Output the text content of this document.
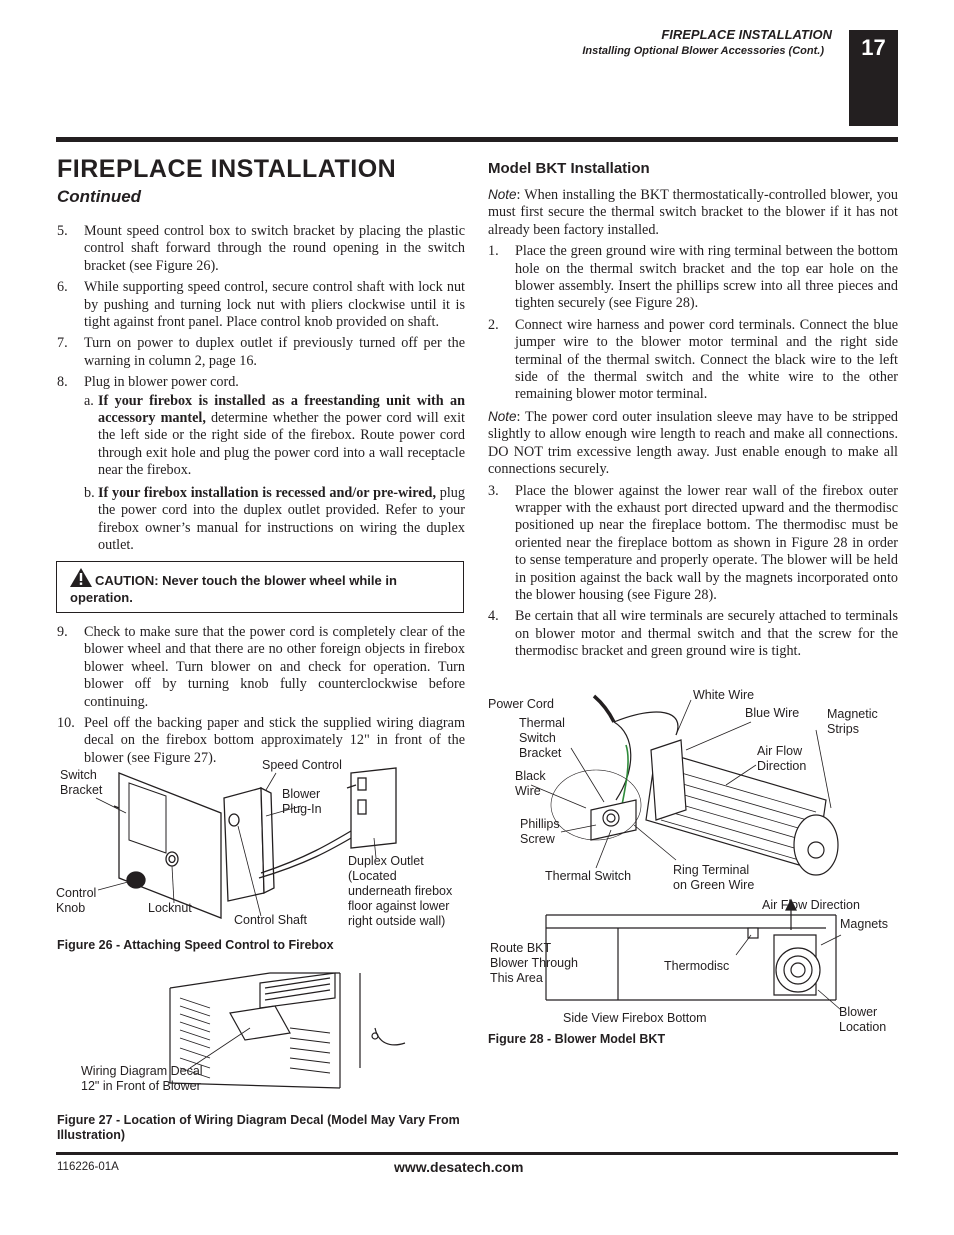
FIREPLACE INSTALLATION
Installing Optional Blower Accessories (Cont.)	17
FIREPLACE INSTALLATION
Continued
5. Mount speed control box to switch bracket by placing the plastic control shaft forward through the round opening in the switch bracket (see Figure 26).
6. While supporting speed control, secure control shaft with lock nut by pushing and turning lock nut with pliers clockwise until it is tight against front panel. Place control knob provided on shaft.
7. Turn on power to duplex outlet if previously turned off per the warning in column 2, page 16.
8. Plug in blower power cord.
a. If your firebox is installed as a freestanding unit with an accessory mantel, determine whether the power cord will exit the left side or the right side of the firebox. Route power cord through exit hole and plug the power cord into a wall receptacle near the firebox.
b. If your firebox installation is recessed and/or pre-wired, plug the power cord into the duplex outlet provided. Refer to your firebox owner’s manual for instructions on wiring the duplex outlet.
CAUTION: Never touch the blower wheel while in operation.
9. Check to make sure that the power cord is completely clear of the blower wheel and that there are no other foreign objects in firebox blower wheel. Turn blower on and check for operation. Turn blower off by turning knob fully counterclockwise before continuing.
10. Peel off the backing paper and stick the supplied wiring diagram decal on the firebox bottom approximately 12" in front of the blower (see Figure 27).
Switch
Bracket
Speed Control
Blower
Plug-In
Duplex Outlet
(Located
underneath firebox
floor against lower
right outside wall)
Control
Knob	Locknut
Control Shaft
Figure 26 - Attaching Speed Control to Firebox
Wiring Diagram Decal
12" in Front of Blower
Figure 27 - Location of Wiring Diagram Decal (Model May Vary From Illustration)
Model BKT Installation
Note: When installing the BKT thermostatically-controlled blower, you must first secure the thermal switch bracket to the blower if it has not already been factory installed.
1. Place the green ground wire with ring terminal between the bottom hole on the thermal switch bracket and the top ear hole on the blower assembly. Insert the phillips screw into all three pieces and tighten securely (see Figure 28).
2. Connect wire harness and power cord terminals. Connect the blue jumper wire to the blower motor terminal and the right side terminal of the thermal switch. Connect the black wire to the left side of the thermal switch and the white wire to the other remaining blower motor terminal.
Note: The power cord outer insulation sleeve may have to be stripped slightly to allow enough wire length to reach and make all connections. DO NOT trim excessive length away. Just enable enough to make all connections securely.
3. Place the blower against the lower rear wall of the firebox outer wrapper with the exhaust port directed upward and the thermodisc positioned up near the fireplace bottom. The thermodisc must be oriented near the fireplace bottom as shown in Figure 28 in order to sense temperature and properly operate. The blower will be held in position against the back wall by the magnets incorporated onto the blower housing (see Figure 28).
4. Be certain that all wire terminals are securely attached to terminals on blower motor and thermal switch and that the screw for the thermodisc bracket and green ground wire is tight.
Power Cord
White Wire
Blue Wire Magnetic
Strips
Thermal
Switch
Bracket	Air Flow
Direction
Black
Wire
Phillips
Screw
Thermal Switch	Ring Terminal
on Green Wire
Air Flow Direction
Magnets
Route BKT
Blower Through
This Area
Thermodisc
Side View Firebox Bottom	Blower
Location
Figure 28 - Blower Model BKT
116226-01A	www.desatech.com
